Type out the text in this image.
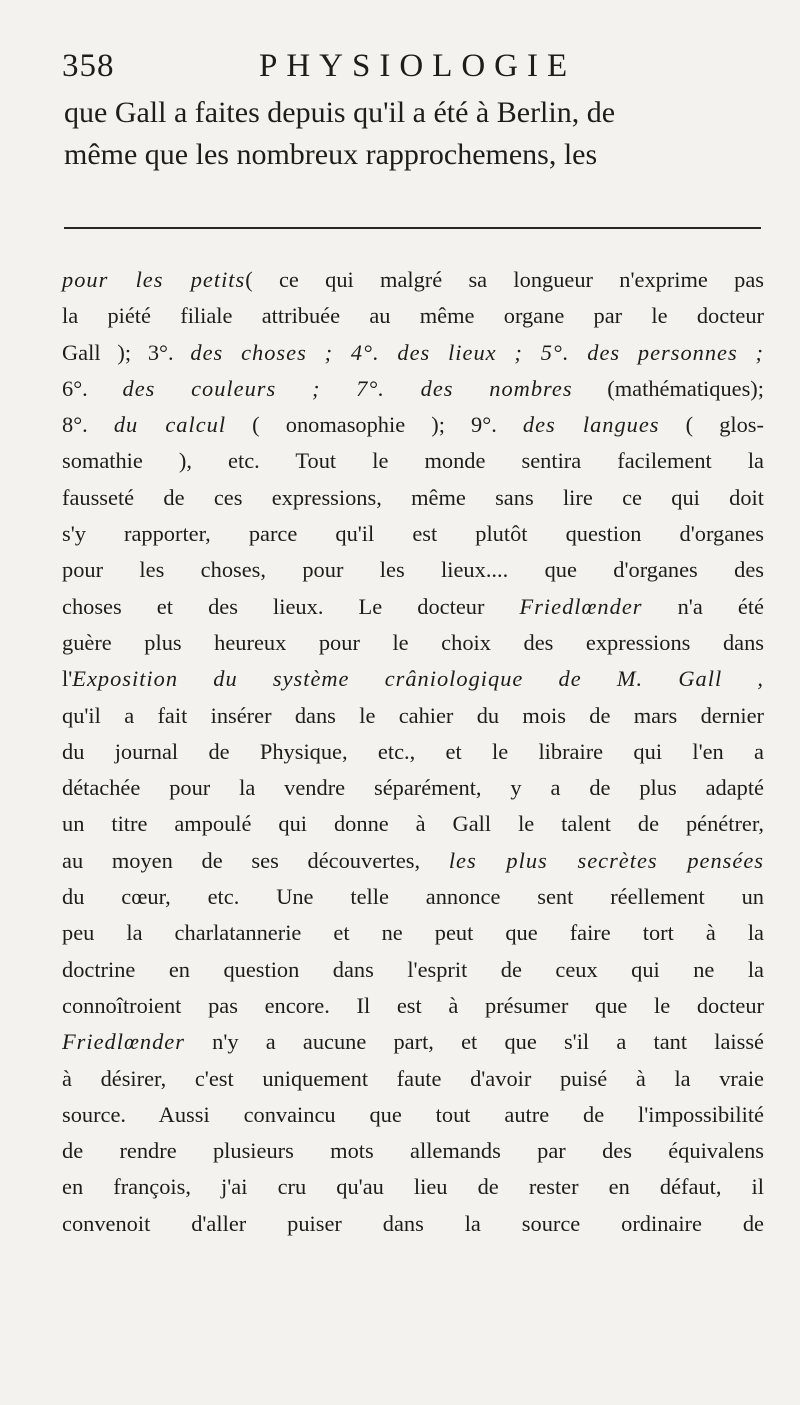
358	PHYSIOLOGIE

que Gall a faites depuis qu'il a été à Berlin, de
même que les nombreux rapprochemens, les

pour les petits( ce qui malgré sa longueur n'exprime pas
la piété filiale attribuée au même organe par le docteur
Gall ); 3°. des choses ; 4°. des lieux ; 5°. des personnes ;
6°. des couleurs ; 7°. des nombres (mathématiques);
8°. du calcul ( onomasophie ); 9°. des langues ( glos-
somathie ), etc. Tout le monde sentira facilement la
fausseté de ces expressions, même sans lire ce qui doit
s'y rapporter, parce qu'il est plutôt question d'organes
pour les choses, pour les lieux.... que d'organes des
choses et des lieux. Le docteur Friedlœnder n'a été
guère plus heureux pour le choix des expressions dans
l'Exposition du système crâniologique de M. Gall ,
qu'il a fait insérer dans le cahier du mois de mars dernier
du journal de Physique, etc., et le libraire qui l'en a
détachée pour la vendre séparément, y a de plus adapté
un titre ampoulé qui donne à Gall le talent de pénétrer,
au moyen de ses découvertes, les plus secrètes pensées
du cœur, etc. Une telle annonce sent réellement un
peu la charlatannerie et ne peut que faire tort à la
doctrine en question dans l'esprit de ceux qui ne la
connoîtroient pas encore. Il est à présumer que le docteur
Friedlœnder n'y a aucune part, et que s'il a tant laissé
à désirer, c'est uniquement faute d'avoir puisé à la vraie
source. Aussi convaincu que tout autre de l'impossibilité
de rendre plusieurs mots allemands par des équivalens
en françois, j'ai cru qu'au lieu de rester en défaut, il
convenoit d'aller puiser dans la source ordinaire de
